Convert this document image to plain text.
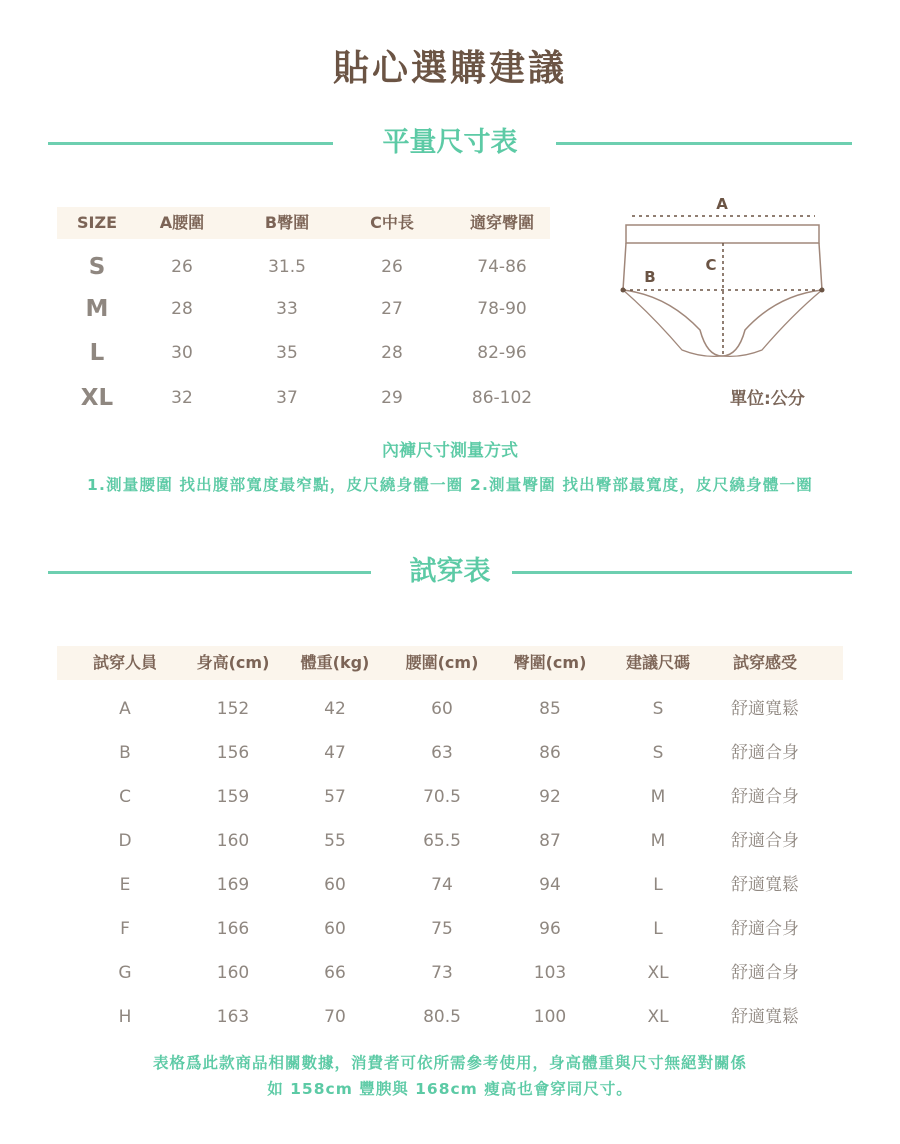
貼心選購建議
平量尺寸表
SIZE	A腰圍	B臀圍	C中長	適穿臀圍
S	26	31.5	26	74-86
M	28	33	27	78-90
L	30	35	28	82-96
XL	32	37	29	86-102
A
C
B
單位:公分
內褲尺寸測量方式
1.測量腰圍 找出腹部寬度最窄點，皮尺繞身體一圈 2.測量臀圍 找出臀部最寬度，皮尺繞身體一圈
試穿表
試穿人員	身高(cm)	體重(kg)	腰圍(cm)	臀圍(cm)	建議尺碼	試穿感受
A	152	42	60	85	S	舒適寬鬆
B	156	47	63	86	S	舒適合身
C	159	57	70.5	92	M	舒適合身
D	160	55	65.5	87	M	舒適合身
E	169	60	74	94	L	舒適寬鬆
F	166	60	75	96	L	舒適合身
G	160	66	73	103	XL	舒適合身
H	163	70	80.5	100	XL	舒適寬鬆
表格爲此款商品相關數據，消費者可依所需參考使用，身高體重與尺寸無絕對關係
如 158cm 豐腴與 168cm 瘦高也會穿同尺寸。
